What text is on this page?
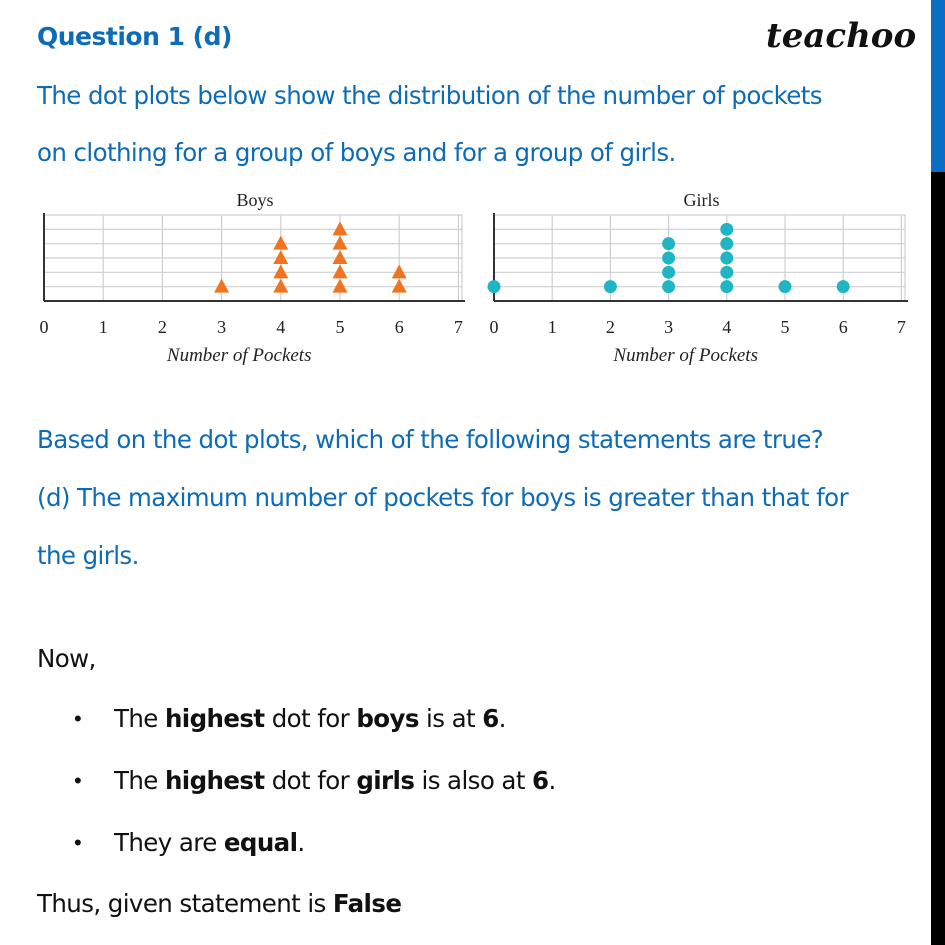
Question 1 (d)	teachoo
The dot plots below show the distribution of the number of pockets
on clothing for a group of boys and for a group of girls.
Boys
0	1	2	3	4	5	6	7
Number of Pockets
Girls
0	1	2	3	4	5	6	7
Number of Pockets
Based on the dot plots, which of the following statements are true?
(d) The maximum number of pockets for boys is greater than that for
the girls.
Now,
• The highest dot for boys is at 6.
• The highest dot for girls is also at 6.
• They are equal.
Thus, given statement is False
